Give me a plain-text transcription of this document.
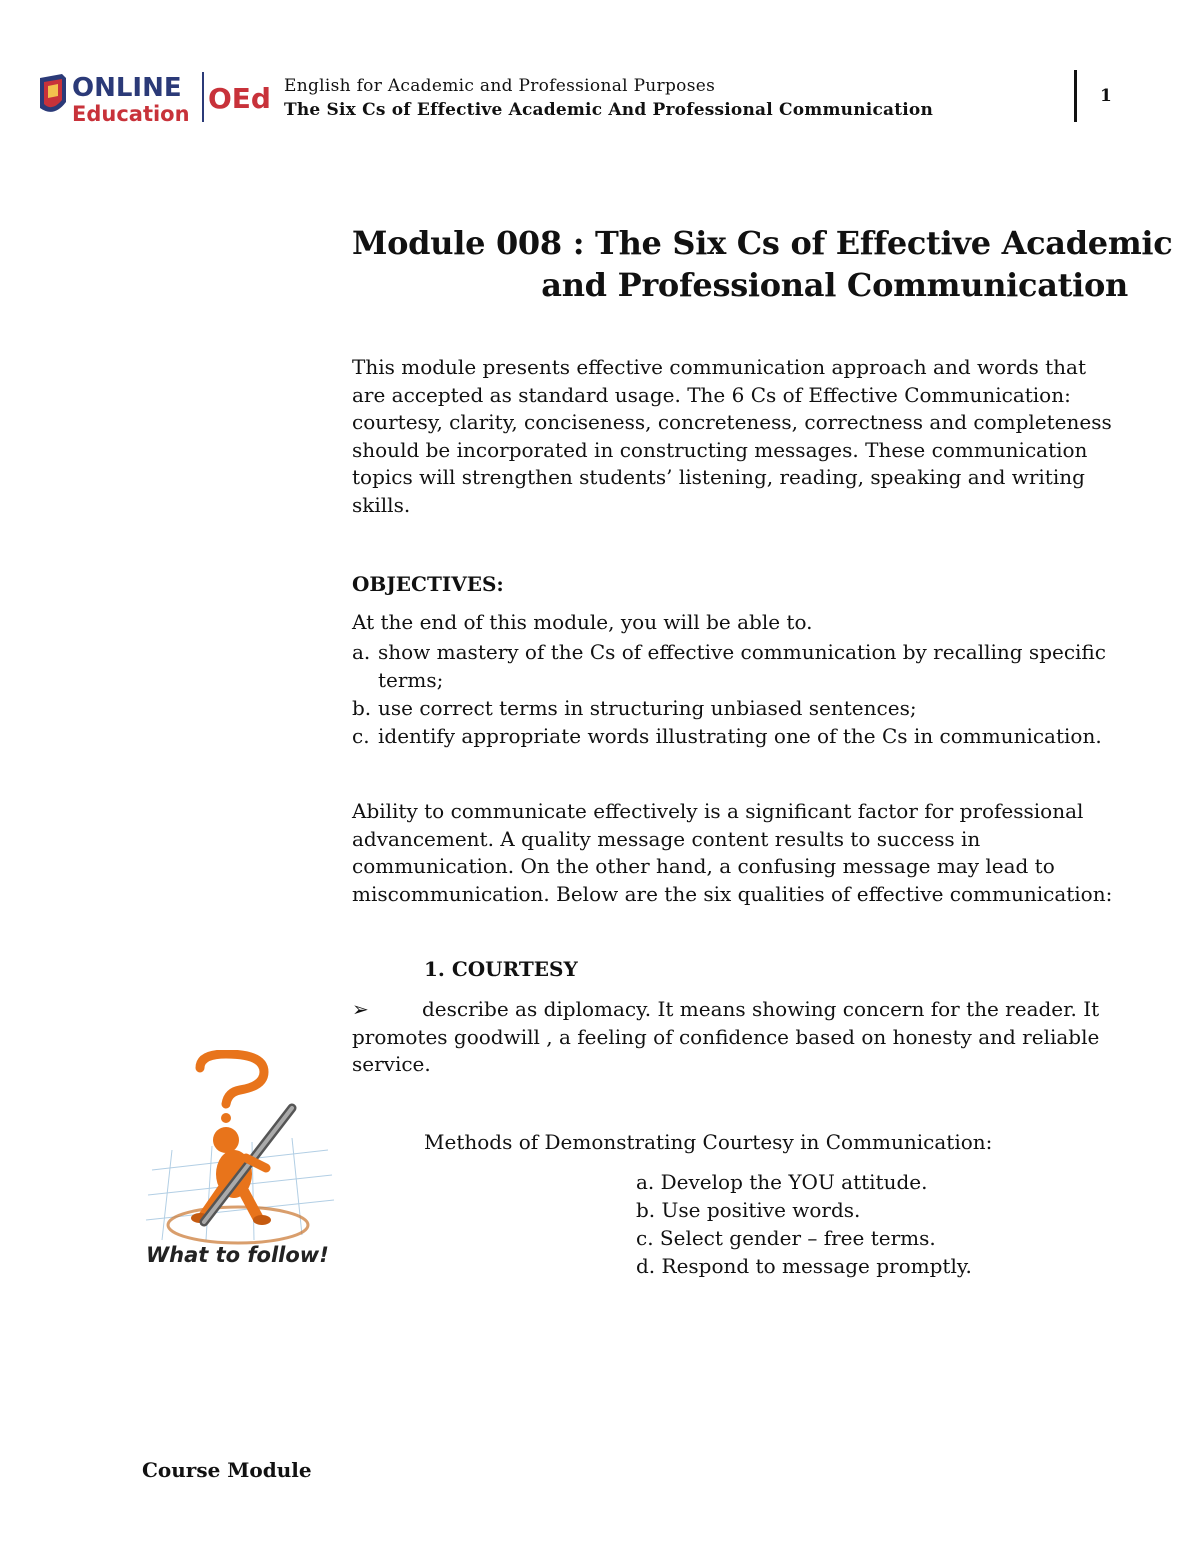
ONLINE
Education OEd English for Academic and Professional Purposes
The Six Cs of Effective Academic And Professional Communication
1
Module 008 : The Six Cs of Effective Academic
and Professional Communication
This module presents effective communication approach and words that
are accepted as standard usage. The 6 Cs of Effective Communication:
courtesy, clarity, conciseness, concreteness, correctness and completeness
should be incorporated in constructing messages. These communication
topics will strengthen students’ listening, reading, speaking and writing
skills.
OBJECTIVES:
At the end of this module, you will be able to.
a. show mastery of the Cs of effective communication by recalling specific terms;
b. use correct terms in structuring unbiased sentences;
c. identify appropriate words illustrating one of the Cs in communication.
Ability to communicate effectively is a significant factor for professional
advancement. A quality message content results to success in
communication. On the other hand, a confusing message may lead to
miscommunication. Below are the six qualities of effective communication:
1. COURTESY
➢	describe as diplomacy. It means showing concern for the reader. It
promotes goodwill , a feeling of confidence based on honesty and reliable
service.
Methods of Demonstrating Courtesy in Communication:
a. Develop the YOU attitude.
b. Use positive words.
c. Select gender – free terms.
d. Respond to message promptly.
What to follow!
Course Module
